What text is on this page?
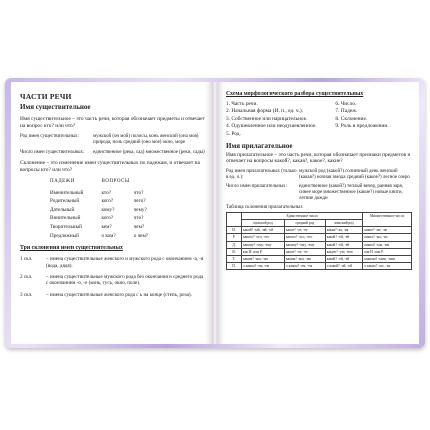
ЧАСТИ РЕЧИ
Имя существительное

Имя существительное – это часть речи, которая обозначает предметы и отвечает на вопрос кто? или что?

Род имен существительных:	мужской (он мой) полосы, конь женский (она моя) природа, ночь средний (оно мое) окно, море
Число имен существительных:	единственное (река, сад) множественное (реки, сады)

Склонение – это изменение имен существительных по падежам, и отвечает на вопросы кто? или что?

ПАДЕЖИ	ВОПРОСЫ	
Именительный	кто?	что?
Родительный	кого?	чего?
Дательный	кому?	чему?
Винительный	кого?	что?
Творительный	кем?	чем?
Предложный	о ком?	о чем?
Три склонения имен существительных
1 скл.	– имена существительные женского и мужского рода с окончанием -а, -я (вода, дядя).
2 скл.	– имена существительные мужского рода без окончания и среднего рода с окончанием -о, -е (конь, гусь, окно, поле).
3 скл.	– имена существительные женского рода с ь на конце (степь, роза).
Схема морфологического разбора существительных
1. Часть речи.
2. Начальная форма (И. п., ед. ч.).
3. Собственное или нарицательное.
4. Одушевленное или неодушевленное.
5. Род.
6. Число.
7. Падеж.
8. Склонение.
9. Роль в предложении.
Имя прилагательное

Имя прилагательное – это часть речи, которая обозначает признаки предметов и отвечает на вопросы какой?, какая?, какое?, какие?

Род имен прилагательных (только в ед. ч.):
мужской род (какой?) солнечный день женский (какая?) ночная звезда средний (какое?) лесное озеро
Число имен прилагательных:	единственное (какой?) теплый вечер, ранняя заря, синее море множественное (какие?) новые книги, летние дожди
Таблица склонения прилагательных
	Единственное число			Множественное число
	мужской род	средний род	женский род	
И.	какой? -ый, -ий, -ой	какое? -ое, -ее	какая? -ая, -яя	какие? -ые, -ие
Р.	какого? -ого, -его	какого? -ого, -его	какой? -ой, -ей	каких? -ых, -их
Д.	какому? -ому, -ему	какому? -ому, -ему	какой? -ой, -ей	каким? -ым, -им
В.	как И. или Р.	какое? -ое, -ее	какую? -ую, -юю	как И. или Р.
Т.	каким? -ым, -им	каким? -ым, -им	какой? -ой, -ей	какими? -ыми, -ими
П.	о каком? -ом, -ем	о каком? -ом, -ем	о какой? -ой, -ей	о каких? -ых, -их
